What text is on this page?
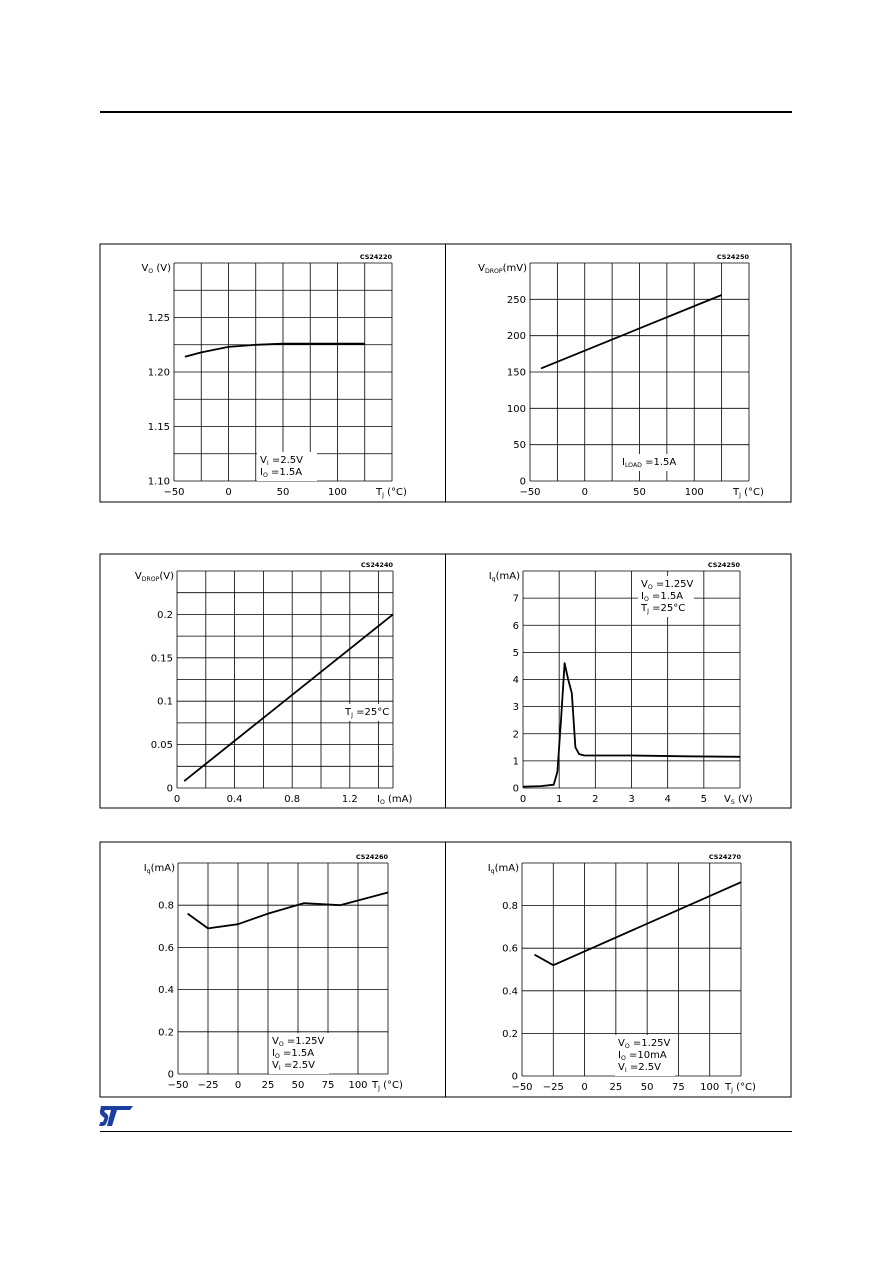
1.10
1.15
1.20
1.25
−50	0	50	100
$V_O$ (V)
$T_J$ (°C)
CS24220
$V_I =2.5V$
$I_O =1.5A$
0
50
100
150
200
250
−50	0	50	100
$V_{DROP}(mV)$
$T_J$ (°C)
CS24250
$I_{LOAD} =1.5A$
0
0.05
0.1
0.15
0.2
0	0.4	0.8	1.2
$V_{DROP}(V)$
$I_O$ (mA)
CS24240
$T_J =25^\circ C$
0
1
2
3
4
5
6
7
0	1	2	3	4	5
$I_q(mA)$
$V_S$ (V)
CS24250
$V_O =1.25V$
$I_O =1.5A$
$T_J =25^\circ C$
0
0.2
0.4
0.6
0.8
−50 −25 0 25 50 75 100
$I_q(mA)$
$T_J$ (°C)
CS24260
$V_O =1.25V$
$I_O =1.5A$
$V_I =2.5V$
0
0.2
0.4
0.6
0.8
−50 −25 0 25 50 75 100
$I_q(mA)$
$T_J$ (°C)
CS24270
$V_O =1.25V$
$I_O =10mA$
$V_I =2.5V$
